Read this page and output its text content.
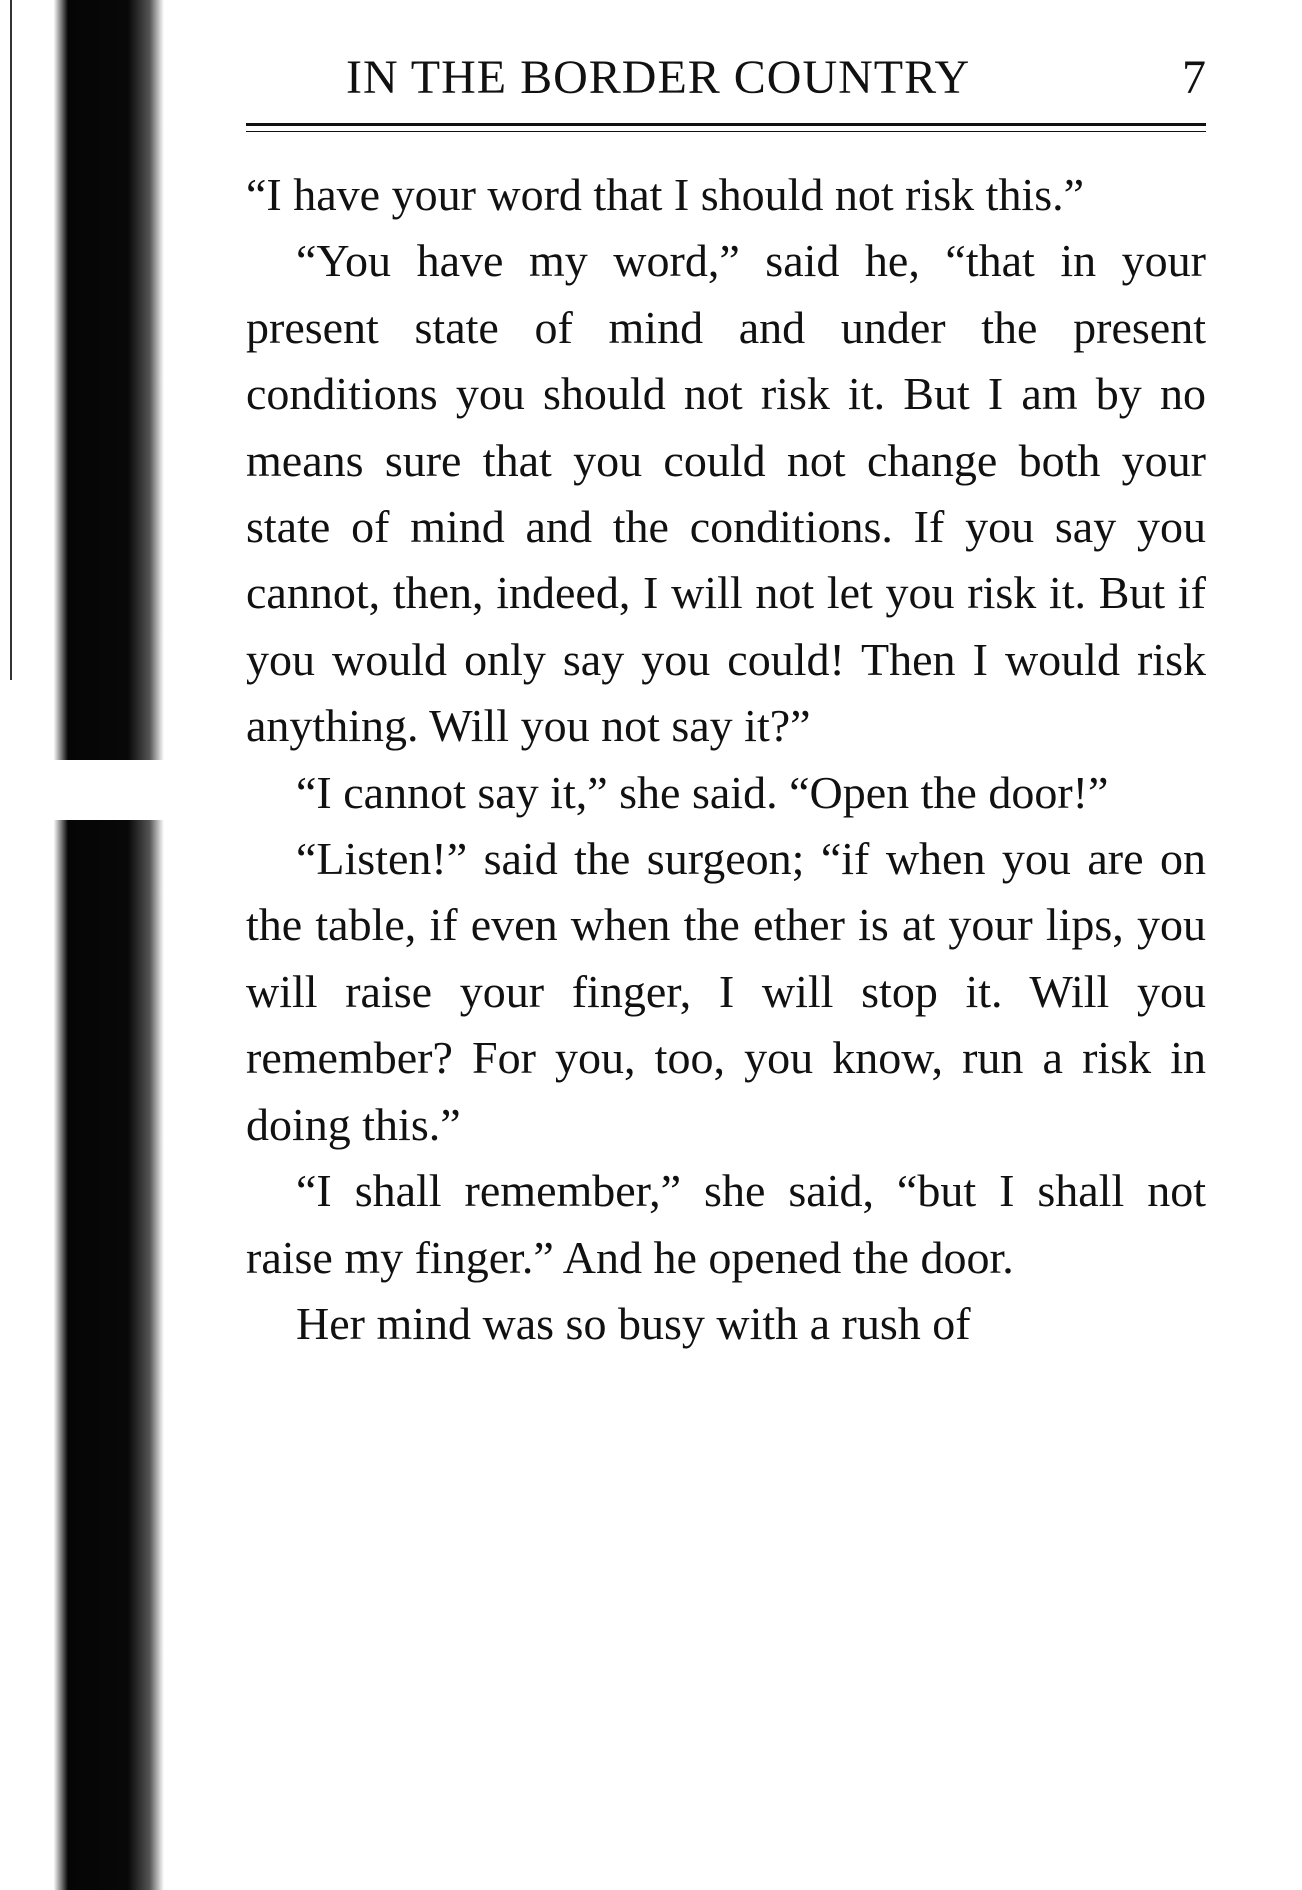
IN THE BORDER COUNTRY	7

“I have your word that I should not risk this.”

“You have my word,” said he, “that in your present state of mind and under the present conditions you should not risk it. But I am by no means sure that you could not change both your state of mind and the conditions. If you say you cannot, then, indeed, I will not let you risk it. But if you would only say you could! Then I would risk anything. Will you not say it?”

“I cannot say it,” she said. “Open the door!”

“Listen!” said the surgeon; “if when you are on the table, if even when the ether is at your lips, you will raise your finger, I will stop it. Will you remember? For you, too, you know, run a risk in doing this.”

“I shall remember,” she said, “but I shall not raise my finger.” And he opened the door.

Her mind was so busy with a rush of
